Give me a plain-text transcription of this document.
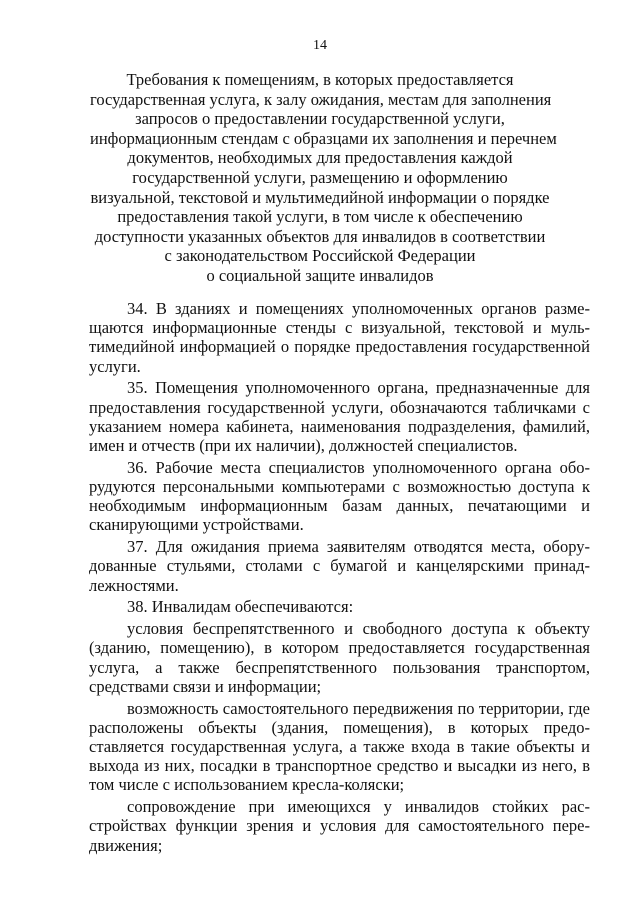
14
Требования к помещениям, в которых предоставляется
государственная услуга, к залу ожидания, местам для заполнения
запросов о предоставлении государственной услуги,
информационным стендам с образцами их заполнения и перечнем
документов, необходимых для предоставления каждой
государственной услуги, размещению и оформлению
визуальной, текстовой и мультимедийной информации о порядке
предоставления такой услуги, в том числе к обеспечению
доступности указанных объектов для инвалидов в соответствии
с законодательством Российской Федерации
о социальной защите инвалидов

34. В зданиях и помещениях уполномоченных органов размещаются информационные стенды с визуальной, текстовой и мультимедийной информацией о порядке предоставления государственной услуги.

35. Помещения уполномоченного органа, предназначенные для предоставления государственной услуги, обозначаются табличками с указанием номера кабинета, наименования подразделения, фамилий, имен и отчеств (при их наличии), должностей специалистов.

36. Рабочие места специалистов уполномоченного органа оборудуются персональными компьютерами с возможностью доступа к необходимым информационным базам данных, печатающими и сканирующими устройствами.

37. Для ожидания приема заявителям отводятся места, оборудованные стульями, столами с бумагой и канцелярскими принадлежностями.

38. Инвалидам обеспечиваются:

условия беспрепятственного и свободного доступа к объекту (зданию, помещению), в котором предоставляется государственная услуга, а также беспрепятственного пользования транспортом, средствами связи и информации;

возможность самостоятельного передвижения по территории, где расположены объекты (здания, помещения), в которых предоставляется государственная услуга, а также входа в такие объекты и выхода из них, посадки в транспортное средство и высадки из него, в том числе с использованием кресла-коляски;

сопровождение при имеющихся у инвалидов стойких расстройствах функции зрения и условия для самостоятельного передвижения;
